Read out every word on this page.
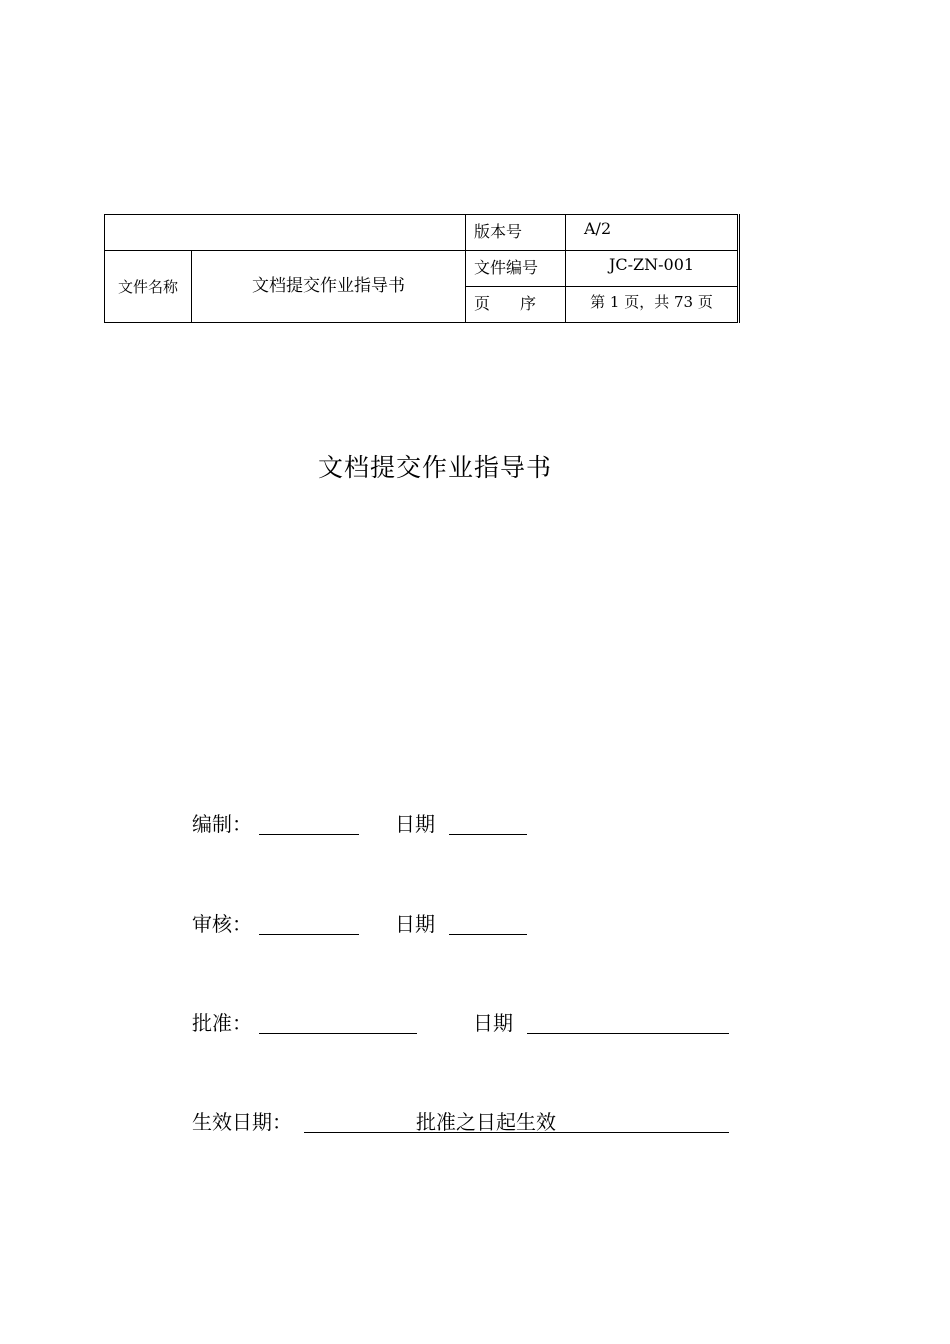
		版本号	A/2
文件名称	文档提交作业指导书	文件编号	JC-ZN-001
		页 序	第 1 页，共 73 页
文档提交作业指导书
编制：	日期
审核：	日期
批准：	日期
生效日期：	批准之日起生效
